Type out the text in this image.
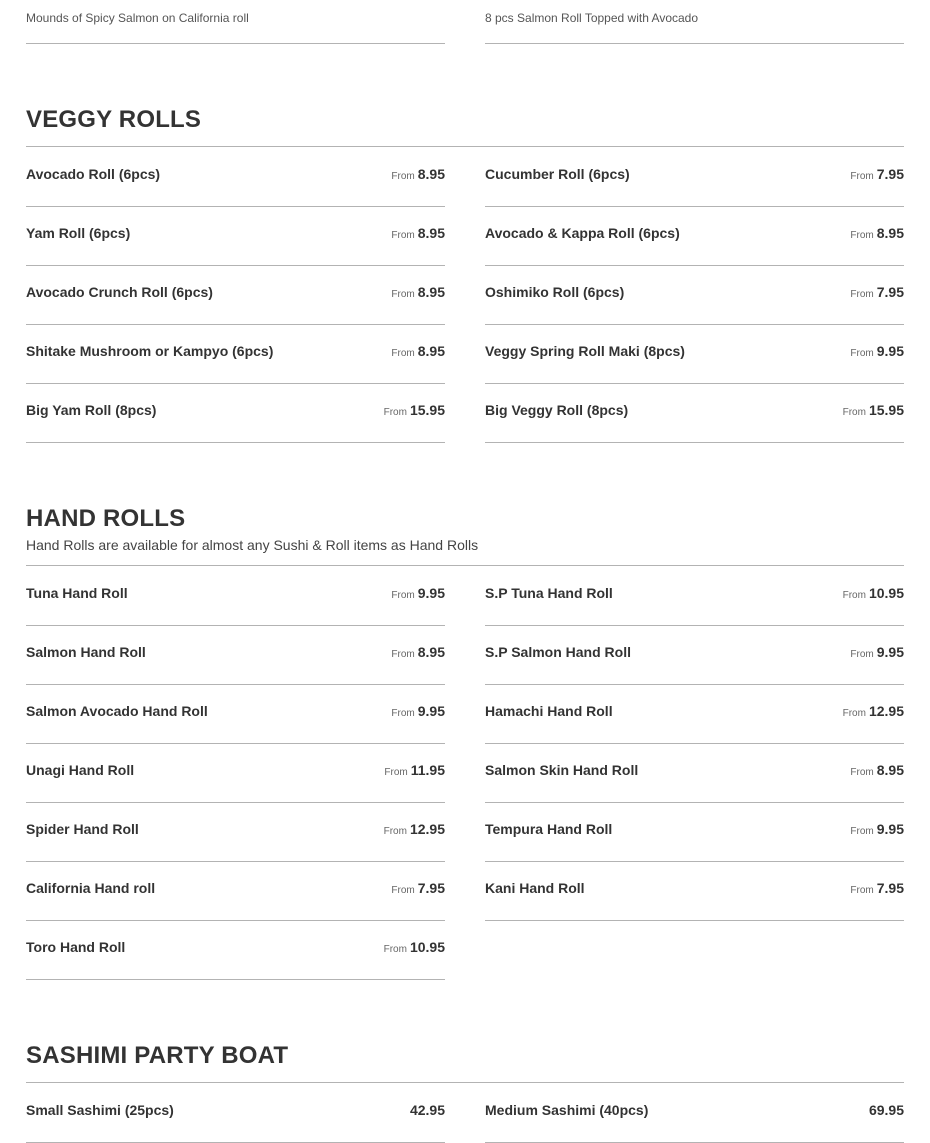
Mounds of Spicy Salmon on California roll	8 pcs Salmon Roll Topped with Avocado
VEGGY ROLLS
Avocado Roll (6pcs)	From 8.95	Cucumber Roll (6pcs)	From 7.95
Yam Roll (6pcs)	From 8.95	Avocado & Kappa Roll (6pcs)	From 8.95
Avocado Crunch Roll (6pcs)	From 8.95	Oshimiko Roll (6pcs)	From 7.95
Shitake Mushroom or Kampyo (6pcs)	From 8.95	Veggy Spring Roll Maki (8pcs)	From 9.95
Big Yam Roll (8pcs)	From 15.95	Big Veggy Roll (8pcs)	From 15.95
HAND ROLLS
Hand Rolls are available for almost any Sushi & Roll items as Hand Rolls
Tuna Hand Roll	From 9.95	S.P Tuna Hand Roll	From 10.95
Salmon Hand Roll	From 8.95	S.P Salmon Hand Roll	From 9.95
Salmon Avocado Hand Roll	From 9.95	Hamachi Hand Roll	From 12.95
Unagi Hand Roll	From 11.95	Salmon Skin Hand Roll	From 8.95
Spider Hand Roll	From 12.95	Tempura Hand Roll	From 9.95
California Hand roll	From 7.95	Kani Hand Roll	From 7.95
Toro Hand Roll	From 10.95
SASHIMI PARTY BOAT
Small Sashimi (25pcs)	42.95	Medium Sashimi (40pcs)	69.95
